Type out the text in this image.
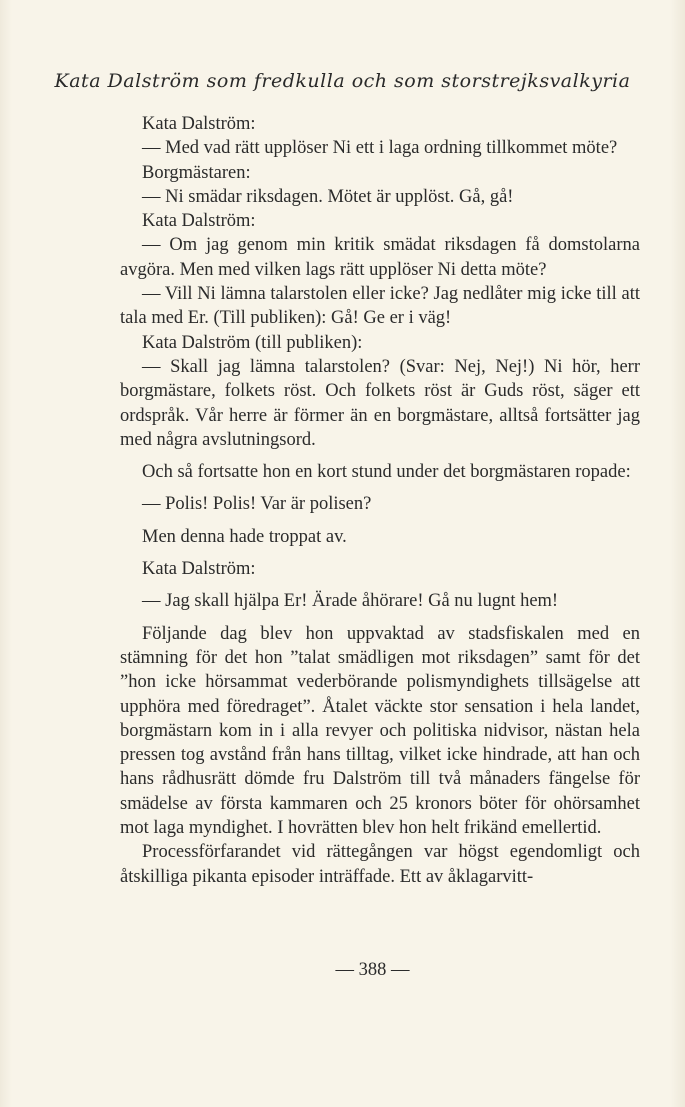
Kata Dalström som fredkulla och som storstrejksvalkyria

Kata Dalström:

— Med vad rätt upplöser Ni ett i laga ordning tillkommet möte?

Borgmästaren:

— Ni smädar riksdagen. Mötet är upplöst. Gå, gå!

Kata Dalström:

— Om jag genom min kritik smädat riksdagen få domstolarna avgöra. Men med vilken lags rätt upplöser Ni detta möte?

— Vill Ni lämna talarstolen eller icke? Jag nedlåter mig icke till att tala med Er. (Till publiken): Gå! Ge er i väg!

Kata Dalström (till publiken):

— Skall jag lämna talarstolen? (Svar: Nej, Nej!) Ni hör, herr borgmästare, folkets röst. Och folkets röst är Guds röst, säger ett ordspråk. Vår herre är förmer än en borgmästare, alltså fortsätter jag med några avslutningsord.

Och så fortsatte hon en kort stund under det borgmästaren ropade:

— Polis! Polis! Var är polisen?

Men denna hade troppat av.

Kata Dalström:

— Jag skall hjälpa Er! Ärade åhörare! Gå nu lugnt hem!

Följande dag blev hon uppvaktad av stadsfiskalen med en stämning för det hon ”talat smädligen mot riksdagen” samt för det ”hon icke hörsammat vederbörande polismyndighets tillsägelse att upphöra med föredraget”. Åtalet väckte stor sensation i hela landet, borgmästarn kom in i alla revyer och politiska nidvisor, nästan hela pressen tog avstånd från hans tilltag, vilket icke hindrade, att han och hans rådhusrätt dömde fru Dalström till två månaders fängelse för smädelse av första kammaren och 25 kronors böter för ohörsamhet mot laga myndighet. I hovrätten blev hon helt frikänd emellertid.

Processförfarandet vid rättegången var högst egendomligt och åtskilliga pikanta episoder inträffade. Ett av åklagarvitt-

— 388 —
